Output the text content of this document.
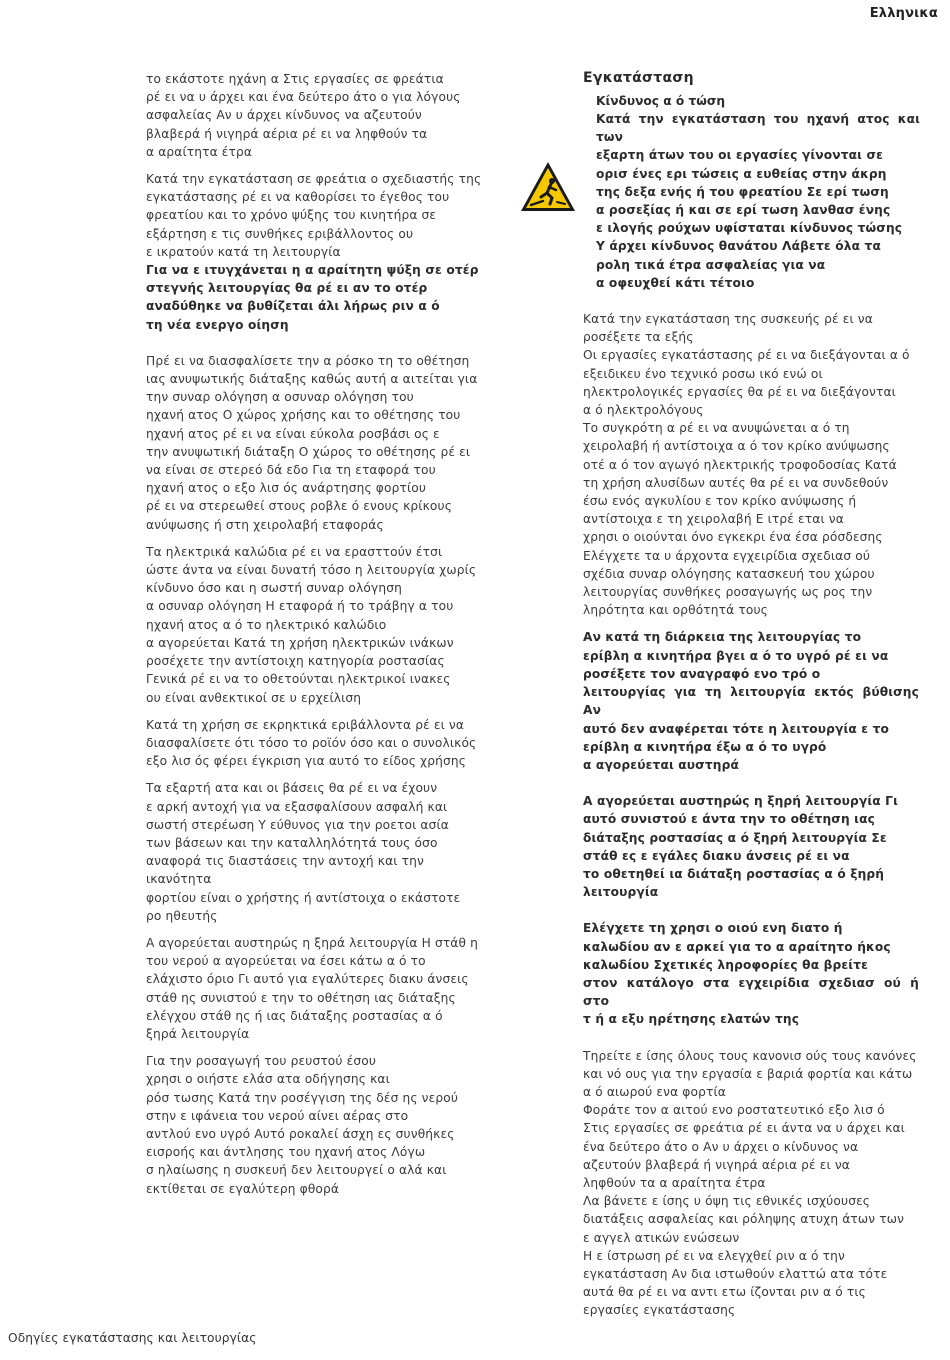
Ελληνικα

το εκάστοτε ηχάνη α Στις εργασίες σε φρεάτια
ρέ ει να υ άρχει και ένα δεύτερο άτο ο για λόγους
ασφαλείας Αν υ άρχει κίνδυνος να αζευτούν
βλαβερά ή νιγηρά αέρια ρέ ει να ληφθούν τα
α αραίτητα έτρα

Κατά την εγκατάσταση σε φρεάτια ο σχεδιαστής της
εγκατάστασης ρέ ει να καθορίσει το έγεθος του
φρεατίου και το χρόνο ψύξης του κινητήρα σε
εξάρτηση ε τις συνθήκες εριβάλλοντος ου
ε ικρατούν κατά τη λειτουργία

Για να ε ιτυγχάνεται η α αραίτητη ψύξη σε οτέρ
στεγνής λειτουργίας θα ρέ ει αν το οτέρ
αναδύθηκε να βυθίζεται άλι λήρως ριν α ό
τη νέα ενεργο οίηση

Πρέ ει να διασφαλίσετε την α ρόσκο τη το οθέτηση
ιας ανυψωτικής διάταξης καθώς αυτή α αιτείται για
την συναρ ολόγηση α οσυναρ ολόγηση του
ηχανή ατος Ο χώρος χρήσης και το οθέτησης του
ηχανή ατος ρέ ει να είναι εύκολα ροσβάσι ος ε
την ανυψωτική διάταξη Ο χώρος το οθέτησης ρέ ει
να είναι σε στερεό δά εδο Για τη εταφορά του
ηχανή ατος ο εξο λισ ός ανάρτησης φορτίου
ρέ ει να στερεωθεί στους ροβλε ό ενους κρίκους
ανύψωσης ή στη χειρολαβή εταφοράς

Τα ηλεκτρικά καλώδια ρέ ει να ερασττούν έτσι
ώστε άντα να είναι δυνατή τόσο η λειτουργία χωρίς
κίνδυνο όσο και η σωστή συναρ ολόγηση
α οσυναρ ολόγηση Η εταφορά ή το τράβηγ α του
ηχανή ατος α ό το ηλεκτρικό καλώδιο
α αγορεύεται Κατά τη χρήση ηλεκτρικών ινάκων
ροσέχετε την αντίστοιχη κατηγορία ροστασίας
Γενικά ρέ ει να το οθετούνται ηλεκτρικοί ινακες
ου είναι ανθεκτικοί σε υ ερχείλιση

Κατά τη χρήση σε εκρηκτικά εριβάλλοντα ρέ ει να
διασφαλίσετε ότι τόσο το ροϊόν όσο και ο συνολικός
εξο λισ ός φέρει έγκριση για αυτό το είδος χρήσης

Τα εξαρτή ατα και οι βάσεις θα ρέ ει να έχουν
ε αρκή αντοχή για να εξασφαλίσουν ασφαλή και
σωστή στερέωση Υ εύθυνος για την ροετοι ασία
των βάσεων και την καταλληλότητά τους όσο
αναφορά τις διαστάσεις την αντοχή και την ικανότητα
φορτίου είναι ο χρήστης ή αντίστοιχα ο εκάστοτε
ρο ηθευτής

Α αγορεύεται αυστηρώς η ξηρά λειτουργία Η στάθ η
του νερού α αγορεύεται να έσει κάτω α ό το
ελάχιστο όριο Γι αυτό για εγαλύτερες διακυ άνσεις
στάθ ης συνιστού ε την το οθέτηση ιας διάταξης
ελέγχου στάθ ης ή ιας διάταξης ροστασίας α ό
ξηρά λειτουργία

Για την ροσαγωγή του ρευστού έσου
χρησι ο οιήστε ελάσ ατα οδήγησης και
ρόσ τωσης Κατά την ροσέγγιση της δέσ ης νερού
στην ε ιφάνεια του νερού αίνει αέρας στο
αντλού ενο υγρό Αυτό ροκαλεί άσχη ες συνθήκες
εισροής και άντλησης του ηχανή ατος Λόγω
σ ηλαίωσης η συσκευή δεν λειτουργεί ο αλά και
εκτίθεται σε εγαλύτερη φθορά

Εγκατάσταση
Κίνδυνος α ό τώση

Κατά την εγκατάσταση του ηχανή ατος και των
εξαρτη άτων του οι εργασίες γίνονται σε
ορισ ένες ερι τώσεις α ευθείας στην άκρη
της δεξα ενής ή του φρεατίου Σε ερί τωση
α ροσεξίας ή και σε ερί τωση λανθασ ένης
ε ιλογής ρούχων υφίσταται κίνδυνος τώσης
Υ άρχει κίνδυνος θανάτου Λάβετε όλα τα
ρολη τικά έτρα ασφαλείας για να
α οφευχθεί κάτι τέτοιο

Κατά την εγκατάσταση της συσκευής ρέ ει να
ροσέξετε τα εξής
Οι εργασίες εγκατάστασης ρέ ει να διεξάγονται α ό
εξειδικευ ένο τεχνικό ροσω ικό ενώ οι
ηλεκτρολογικές εργασίες θα ρέ ει να διεξάγονται
α ό ηλεκτρολόγους
Το συγκρότη α ρέ ει να ανυψώνεται α ό τη
χειρολαβή ή αντίστοιχα α ό τον κρίκο ανύψωσης
οτέ α ό τον αγωγό ηλεκτρικής τροφοδοσίας Κατά
τη χρήση αλυσίδων αυτές θα ρέ ει να συνδεθούν
έσω ενός αγκυλίου ε τον κρίκο ανύψωσης ή
αντίστοιχα ε τη χειρολαβή Ε ιτρέ εται να
χρησι ο οιούνται όνο εγκεκρι ένα έσα ρόσδεσης
Ελέγχετε τα υ άρχοντα εγχειρίδια σχεδιασ ού
σχέδια συναρ ολόγησης κατασκευή του χώρου
λειτουργίας συνθήκες ροσαγωγής ως ρος την
ληρότητα και ορθότητά τους

Αν κατά τη διάρκεια της λειτουργίας το
ερίβλη α κινητήρα βγει α ό το υγρό ρέ ει να
ροσέξετε τον αναγραφό ενο τρό ο
λειτουργίας για τη λειτουργία εκτός βύθισης Αν
αυτό δεν αναφέρεται τότε η λειτουργία ε το
ερίβλη α κινητήρα έξω α ό το υγρό
α αγορεύεται αυστηρά

Α αγορεύεται αυστηρώς η ξηρή λειτουργία Γι
αυτό συνιστού ε άντα την το οθέτηση ιας
διάταξης ροστασίας α ό ξηρή λειτουργία Σε
στάθ ες ε εγάλες διακυ άνσεις ρέ ει να
το οθετηθεί ια διάταξη ροστασίας α ό ξηρή
λειτουργία

Ελέγχετε τη χρησι ο οιού ενη διατο ή
καλωδίου αν ε αρκεί για το α αραίτητο ήκος
καλωδίου Σχετικές ληροφορίες θα βρείτε
στον κατάλογο στα εγχειρίδια σχεδιασ ού ή στο
τ ή α εξυ ηρέτησης ελατών της

Τηρείτε ε ίσης όλους τους κανονισ ούς τους κανόνες
και νό ους για την εργασία ε βαριά φορτία και κάτω
α ό αιωρού ενα φορτία
Φοράτε τον α αιτού ενο ροστατευτικό εξο λισ ό
Στις εργασίες σε φρεάτια ρέ ει άντα να υ άρχει και
ένα δεύτερο άτο ο Αν υ άρχει ο κίνδυνος να
αζευτούν βλαβερά ή νιγηρά αέρια ρέ ει να
ληφθούν τα α αραίτητα έτρα
Λα βάνετε ε ίσης υ όψη τις εθνικές ισχύουσες
διατάξεις ασφαλείας και ρόληψης ατυχη άτων των
ε αγγελ ατικών ενώσεων
Η ε ίστρωση ρέ ει να ελεγχθεί ριν α ό την
εγκατάσταση Αν δια ιστωθούν ελαττώ ατα τότε
αυτά θα ρέ ει να αντι ετω ίζονται ριν α ό τις
εργασίες εγκατάστασης

Οδηγίες εγκατάστασης και λειτουργίας
